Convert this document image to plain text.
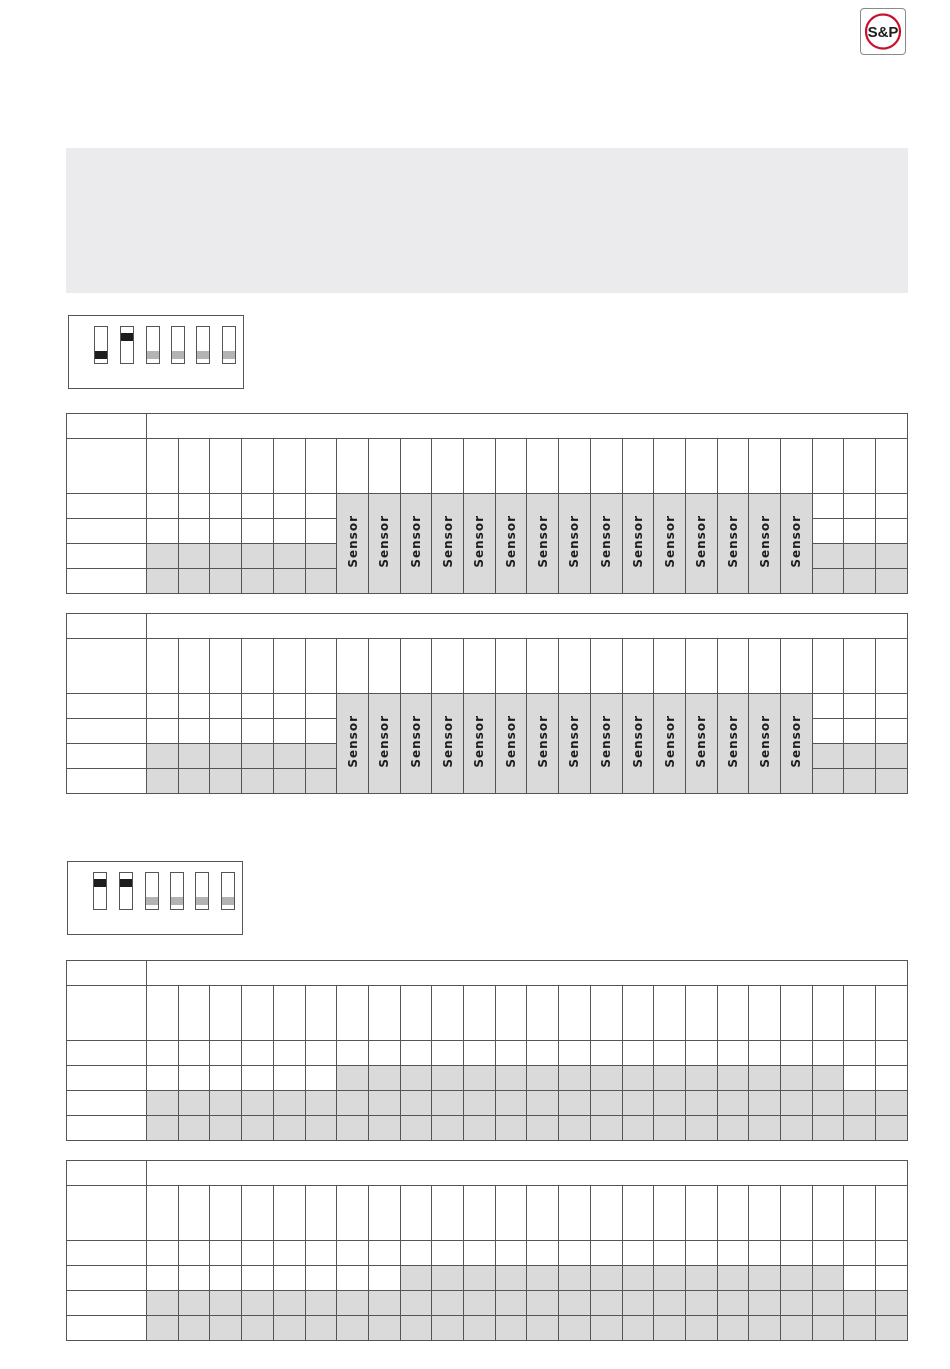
S&P

							Sensor	Sensor	Sensor	Sensor	Sensor	Sensor	Sensor	Sensor	Sensor	Sensor	Sensor	Sensor	Sensor	Sensor	Sensor			

							Sensor	Sensor	Sensor	Sensor	Sensor	Sensor	Sensor	Sensor	Sensor	Sensor	Sensor	Sensor	Sensor	Sensor	Sensor			
